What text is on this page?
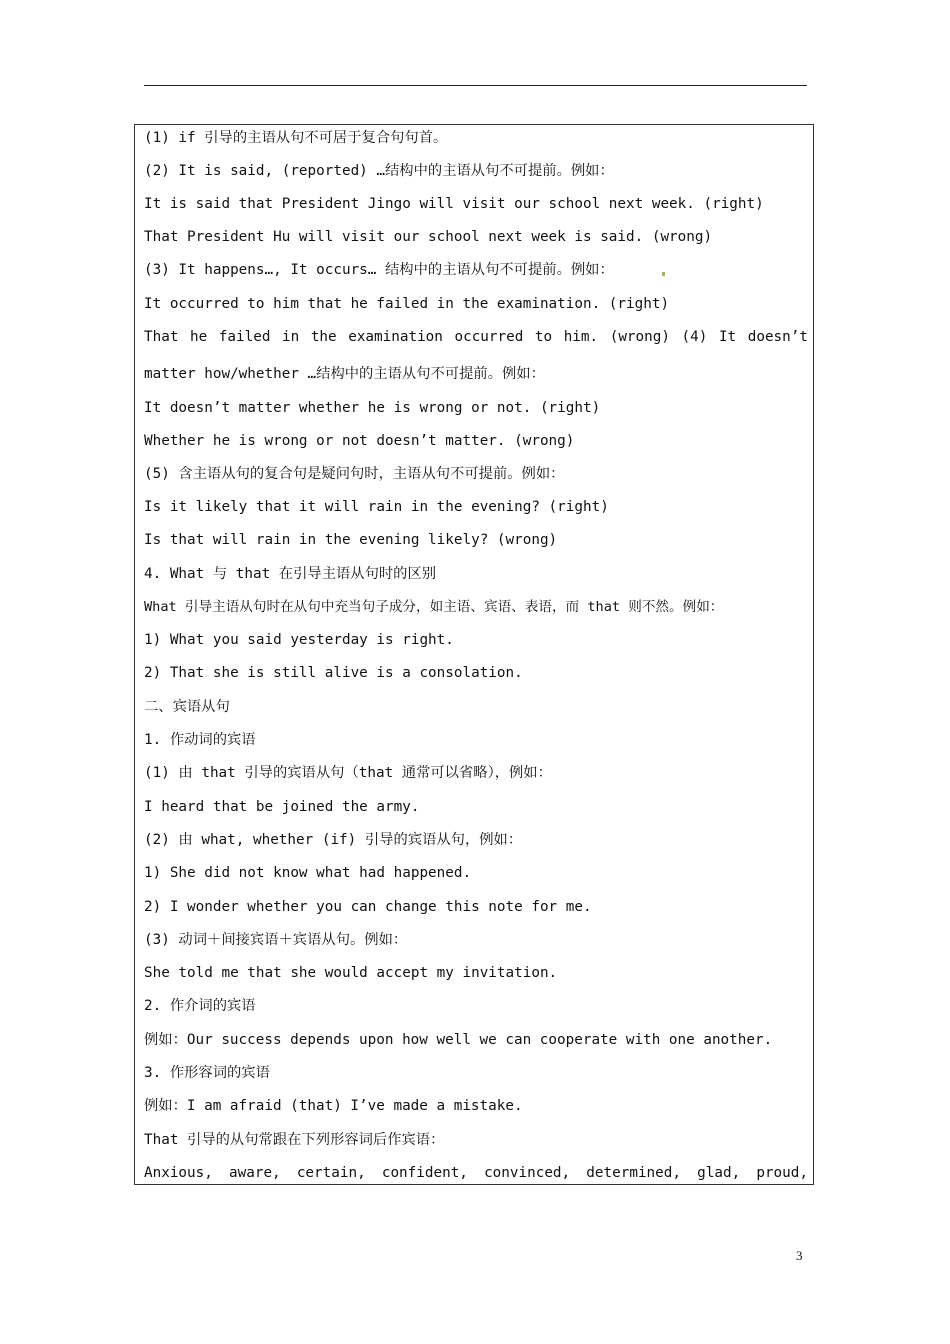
(1) if 引导的主语从句不可居于复合句句首。
(2) It is said, (reported) …结构中的主语从句不可提前。例如：
It is said that President Jingo will visit our school next week. (right)
That President Hu will visit our school next week is said. (wrong)
(3) It happens…, It occurs… 结构中的主语从句不可提前。例如：
It occurred to him that he failed in the examination. (right)
That he failed in the examination occurred to him. (wrong) (4) It doesn’t
matter how/whether …结构中的主语从句不可提前。例如：
It doesn’t matter whether he is wrong or not. (right)
Whether he is wrong or not doesn’t matter. (wrong)
(5) 含主语从句的复合句是疑问句时，主语从句不可提前。例如：
Is it likely that it will rain in the evening? (right)
Is that will rain in the evening likely? (wrong)
4. What 与 that 在引导主语从句时的区别
What 引导主语从句时在从句中充当句子成分，如主语、宾语、表语，而 that 则不然。例如：
1) What you said yesterday is right.
2) That she is still alive is a consolation.
二、宾语从句
1. 作动词的宾语
(1) 由 that 引导的宾语从句（that 通常可以省略），例如：
I heard that be joined the army.
(2) 由 what, whether (if) 引导的宾语从句，例如：
1) She did not know what had happened.
2) I wonder whether you can change this note for me.
(3) 动词＋间接宾语＋宾语从句。例如：
She told me that she would accept my invitation.
2. 作介词的宾语
例如：Our success depends upon how well we can cooperate with one another.
3. 作形容词的宾语
例如：I am afraid (that) I’ve made a mistake.
That 引导的从句常跟在下列形容词后作宾语：
Anxious, aware, certain, confident, convinced, determined, glad, proud,
3
